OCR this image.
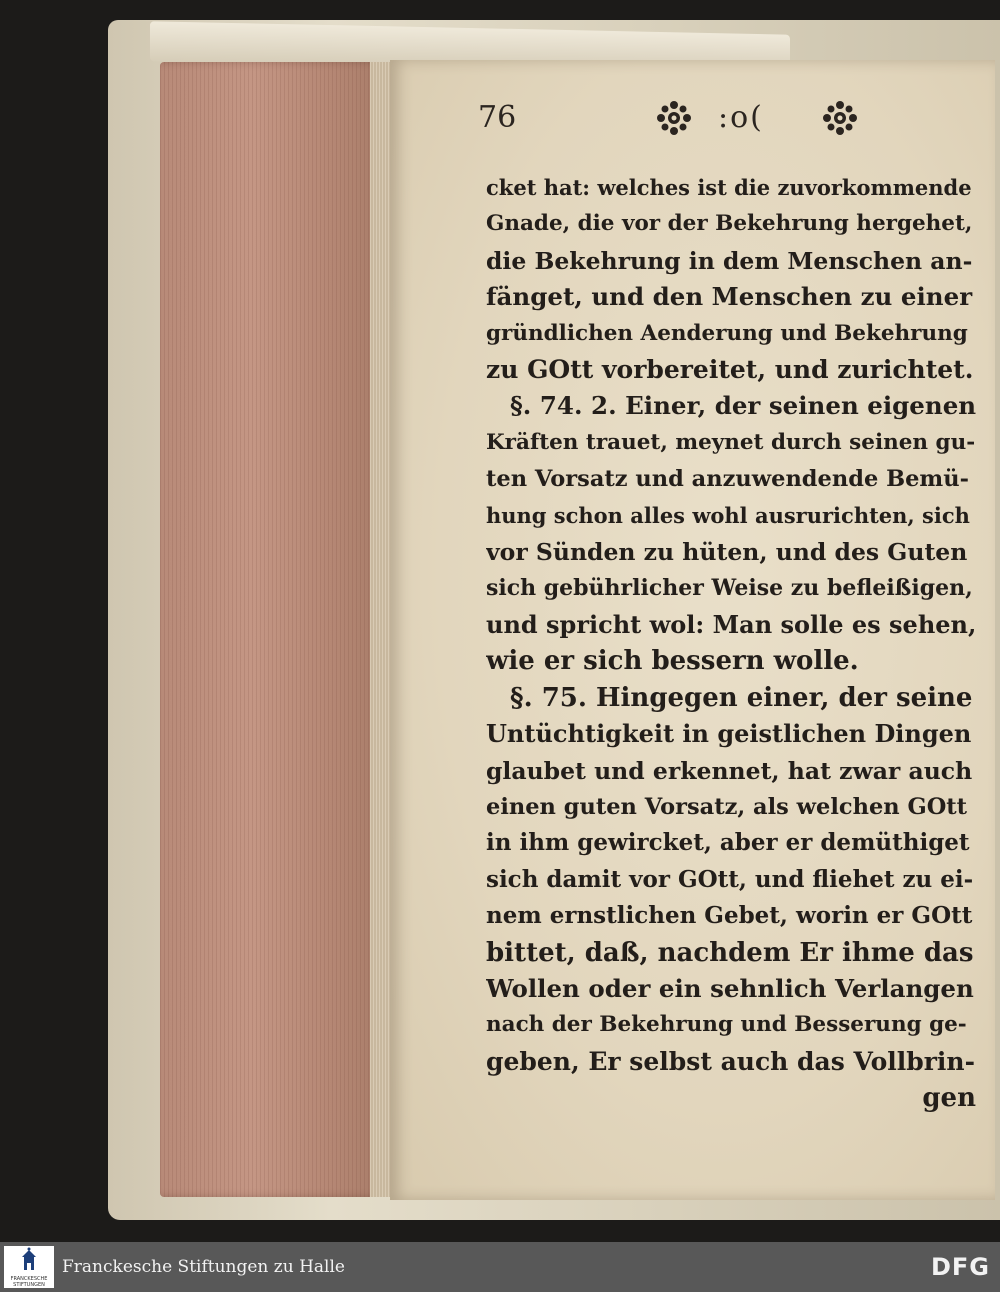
76	:o(
cket hat: welches ist die zuvorkommende
Gnade, die vor der Bekehrung hergehet,
die Bekehrung in dem Menschen an-
fänget, und den Menschen zu einer
gründlichen Aenderung und Bekehrung
zu GOtt vorbereitet, und zurichtet.
§. 74. 2. Einer, der seinen eigenen
Kräften trauet, meynet durch seinen gu-
ten Vorsatz und anzuwendende Bemü-
hung schon alles wohl ausrurichten, sich
vor Sünden zu hüten, und des Guten
sich gebührlicher Weise zu befleißigen,
und spricht wol: Man solle es sehen,
wie er sich bessern wolle.
§. 75. Hingegen einer, der seine
Untüchtigkeit in geistlichen Dingen
glaubet und erkennet, hat zwar auch
einen guten Vorsatz, als welchen GOtt
in ihm gewircket, aber er demüthiget
sich damit vor GOtt, und fliehet zu ei-
nem ernstlichen Gebet, worin er GOtt
bittet, daß, nachdem Er ihme das
Wollen oder ein sehnlich Verlangen
nach der Bekehrung und Besserung ge-
geben, Er selbst auch das Vollbrin-
gen
FRANCKESCHE STIFTUNGEN
Franckesche Stiftungen zu Halle	DFG
